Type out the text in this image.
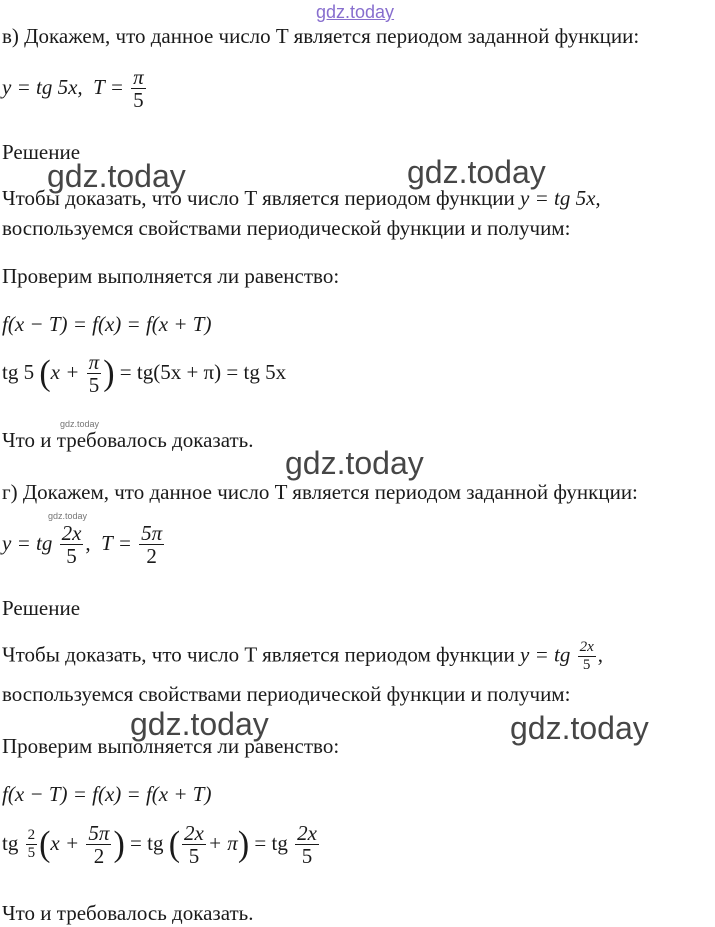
gdz.today
gdz.today	gdz.today
gdz.today
gdz.today
gdz.today
gdz.today	gdz.today
в) Докажем, что данное число T является периодом заданной функции:
y = tg 5x, $T = \frac{\pi}{5}$
Решение
Чтобы доказать, что число T является периодом функции y = tg 5x,
воспользуемся свойствами периодической функции и получим:
Проверим выполняется ли равенство:
f(x − T) = f(x) = f(x + T)
tg 5 ($x + \frac{\pi}{5}$ ) = tg(5x + π) = tg 5x
Что и требовалось доказать.
г) Докажем, что данное число T является периодом заданной функции:
y = tg $\frac{2x}{5}$ ,  $T = \frac{5\pi}{2}$
Решение
Чтобы доказать, что число T является периодом функции y = tg $\frac{2x}{5}$ ,
воспользуемся свойствами периодической функции и получим:
Проверим выполняется ли равенство:
f(x − T) = f(x) = f(x + T)
tg $\frac{2}{5} (x + \frac{5\pi}{2}$ ) = tg ( $\frac{2x}{5} + \pi$) = tg $\frac{2x}{5}$
Что и требовалось доказать.
